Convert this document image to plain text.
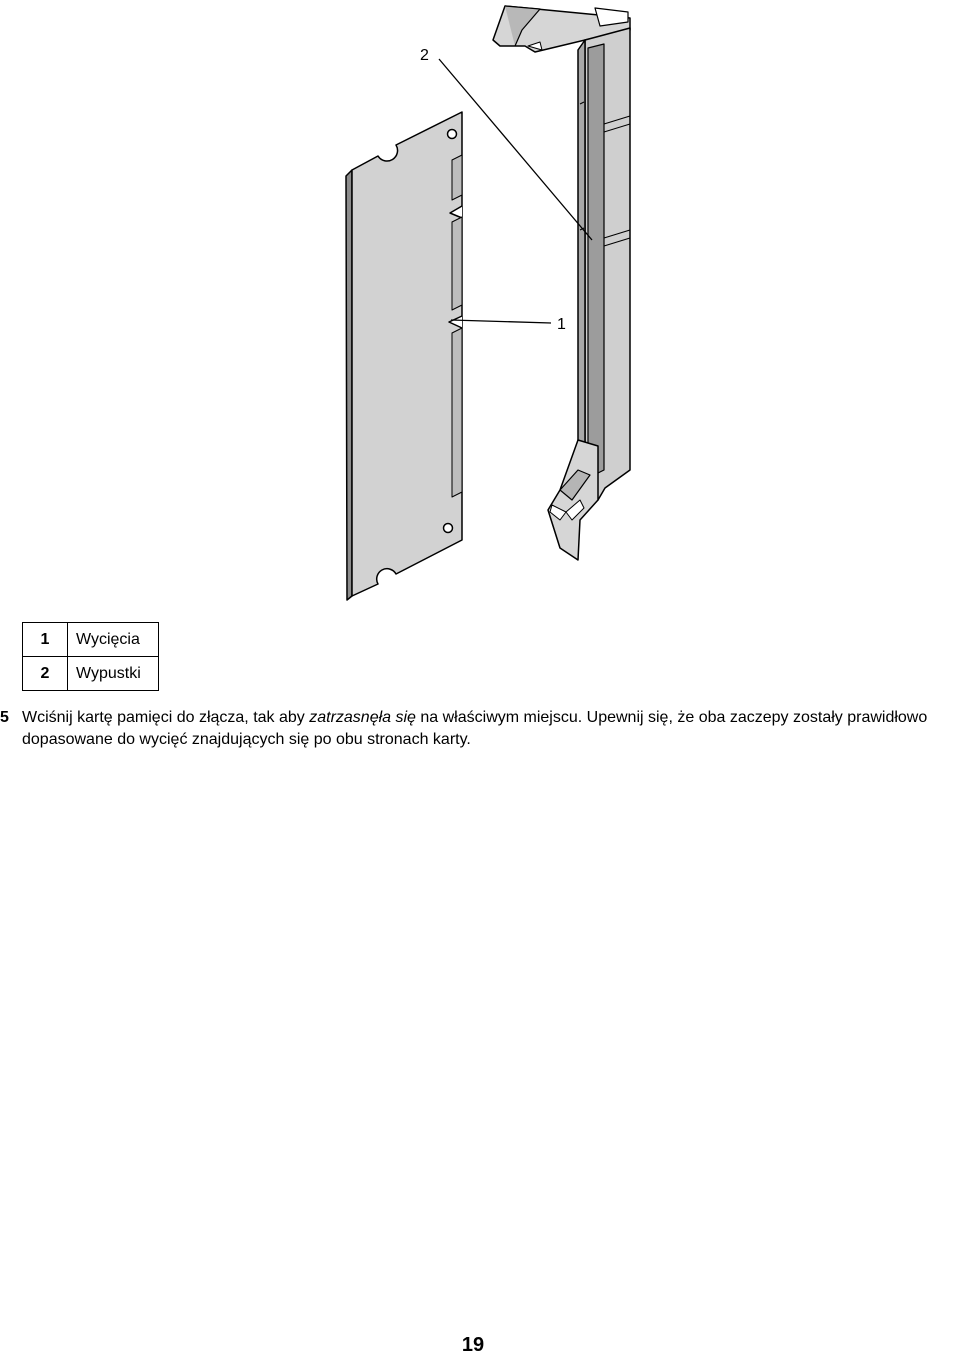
2
1
1	Wycięcia
2	Wypustki
5 Wciśnij kartę pamięci do złącza, tak aby zatrzasnęła się na właściwym miejscu. Upewnij się, że oba zaczepy zostały prawidłowo dopasowane do wycięć znajdujących się po obu stronach karty.
19
